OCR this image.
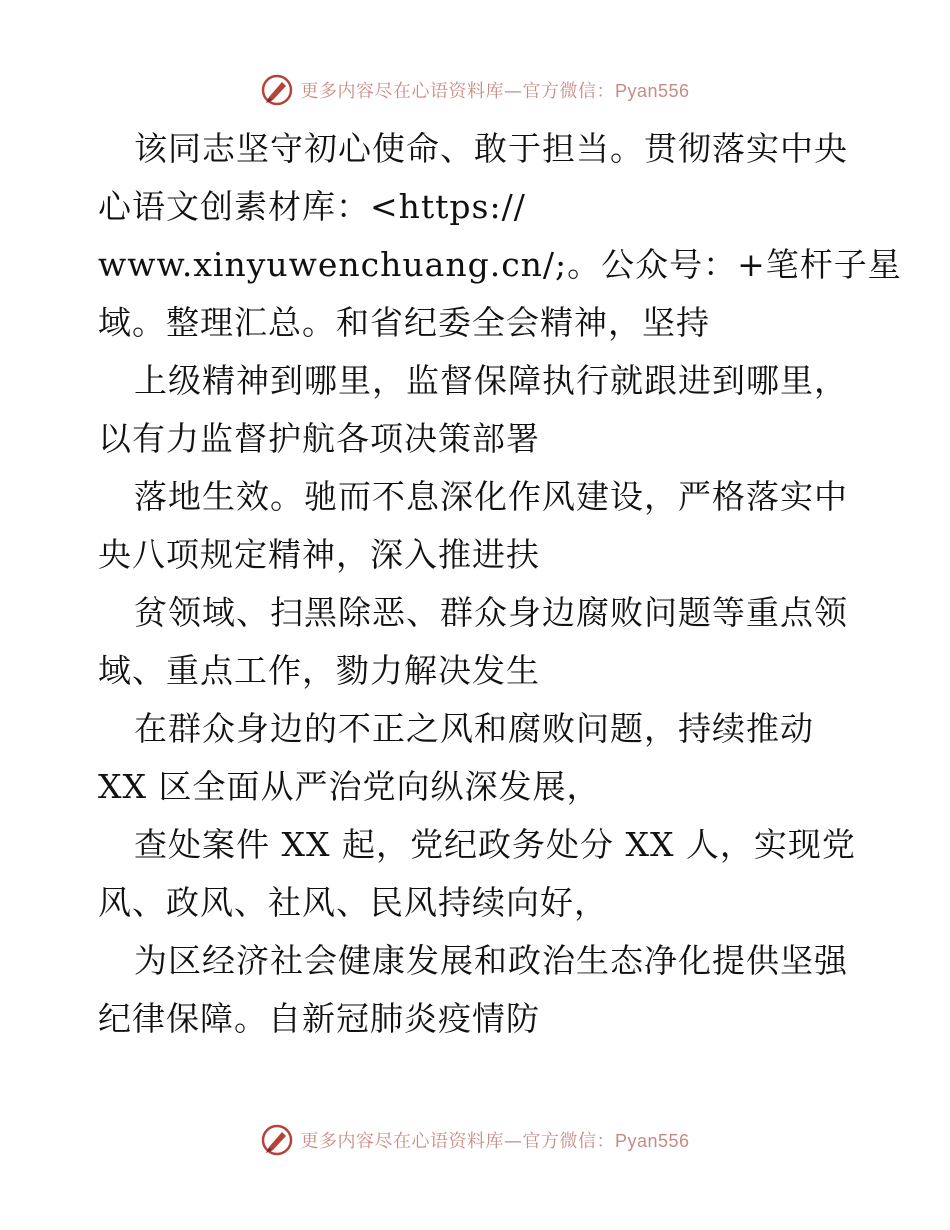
更多内容尽在心语资料库—官方微信：Pyan556
该同志坚守初心使命、敢于担当。贯彻落实中央
心语文创素材库：<https://
www.xinyuwenchuang.cn/;。公众号：+笔杆子星
域。整理汇总。和省纪委全会精神，坚持
上级精神到哪里，监督保障执行就跟进到哪里，
以有力监督护航各项决策部署
落地生效。驰而不息深化作风建设，严格落实中
央八项规定精神，深入推进扶
贫领域、扫黑除恶、群众身边腐败问题等重点领
域、重点工作，勠力解决发生
在群众身边的不正之风和腐败问题，持续推动
XX 区全面从严治党向纵深发展，
查处案件 XX 起，党纪政务处分 XX 人，实现党
风、政风、社风、民风持续向好，
为区经济社会健康发展和政治生态净化提供坚强
纪律保障。自新冠肺炎疫情防
更多内容尽在心语资料库—官方微信：Pyan556
